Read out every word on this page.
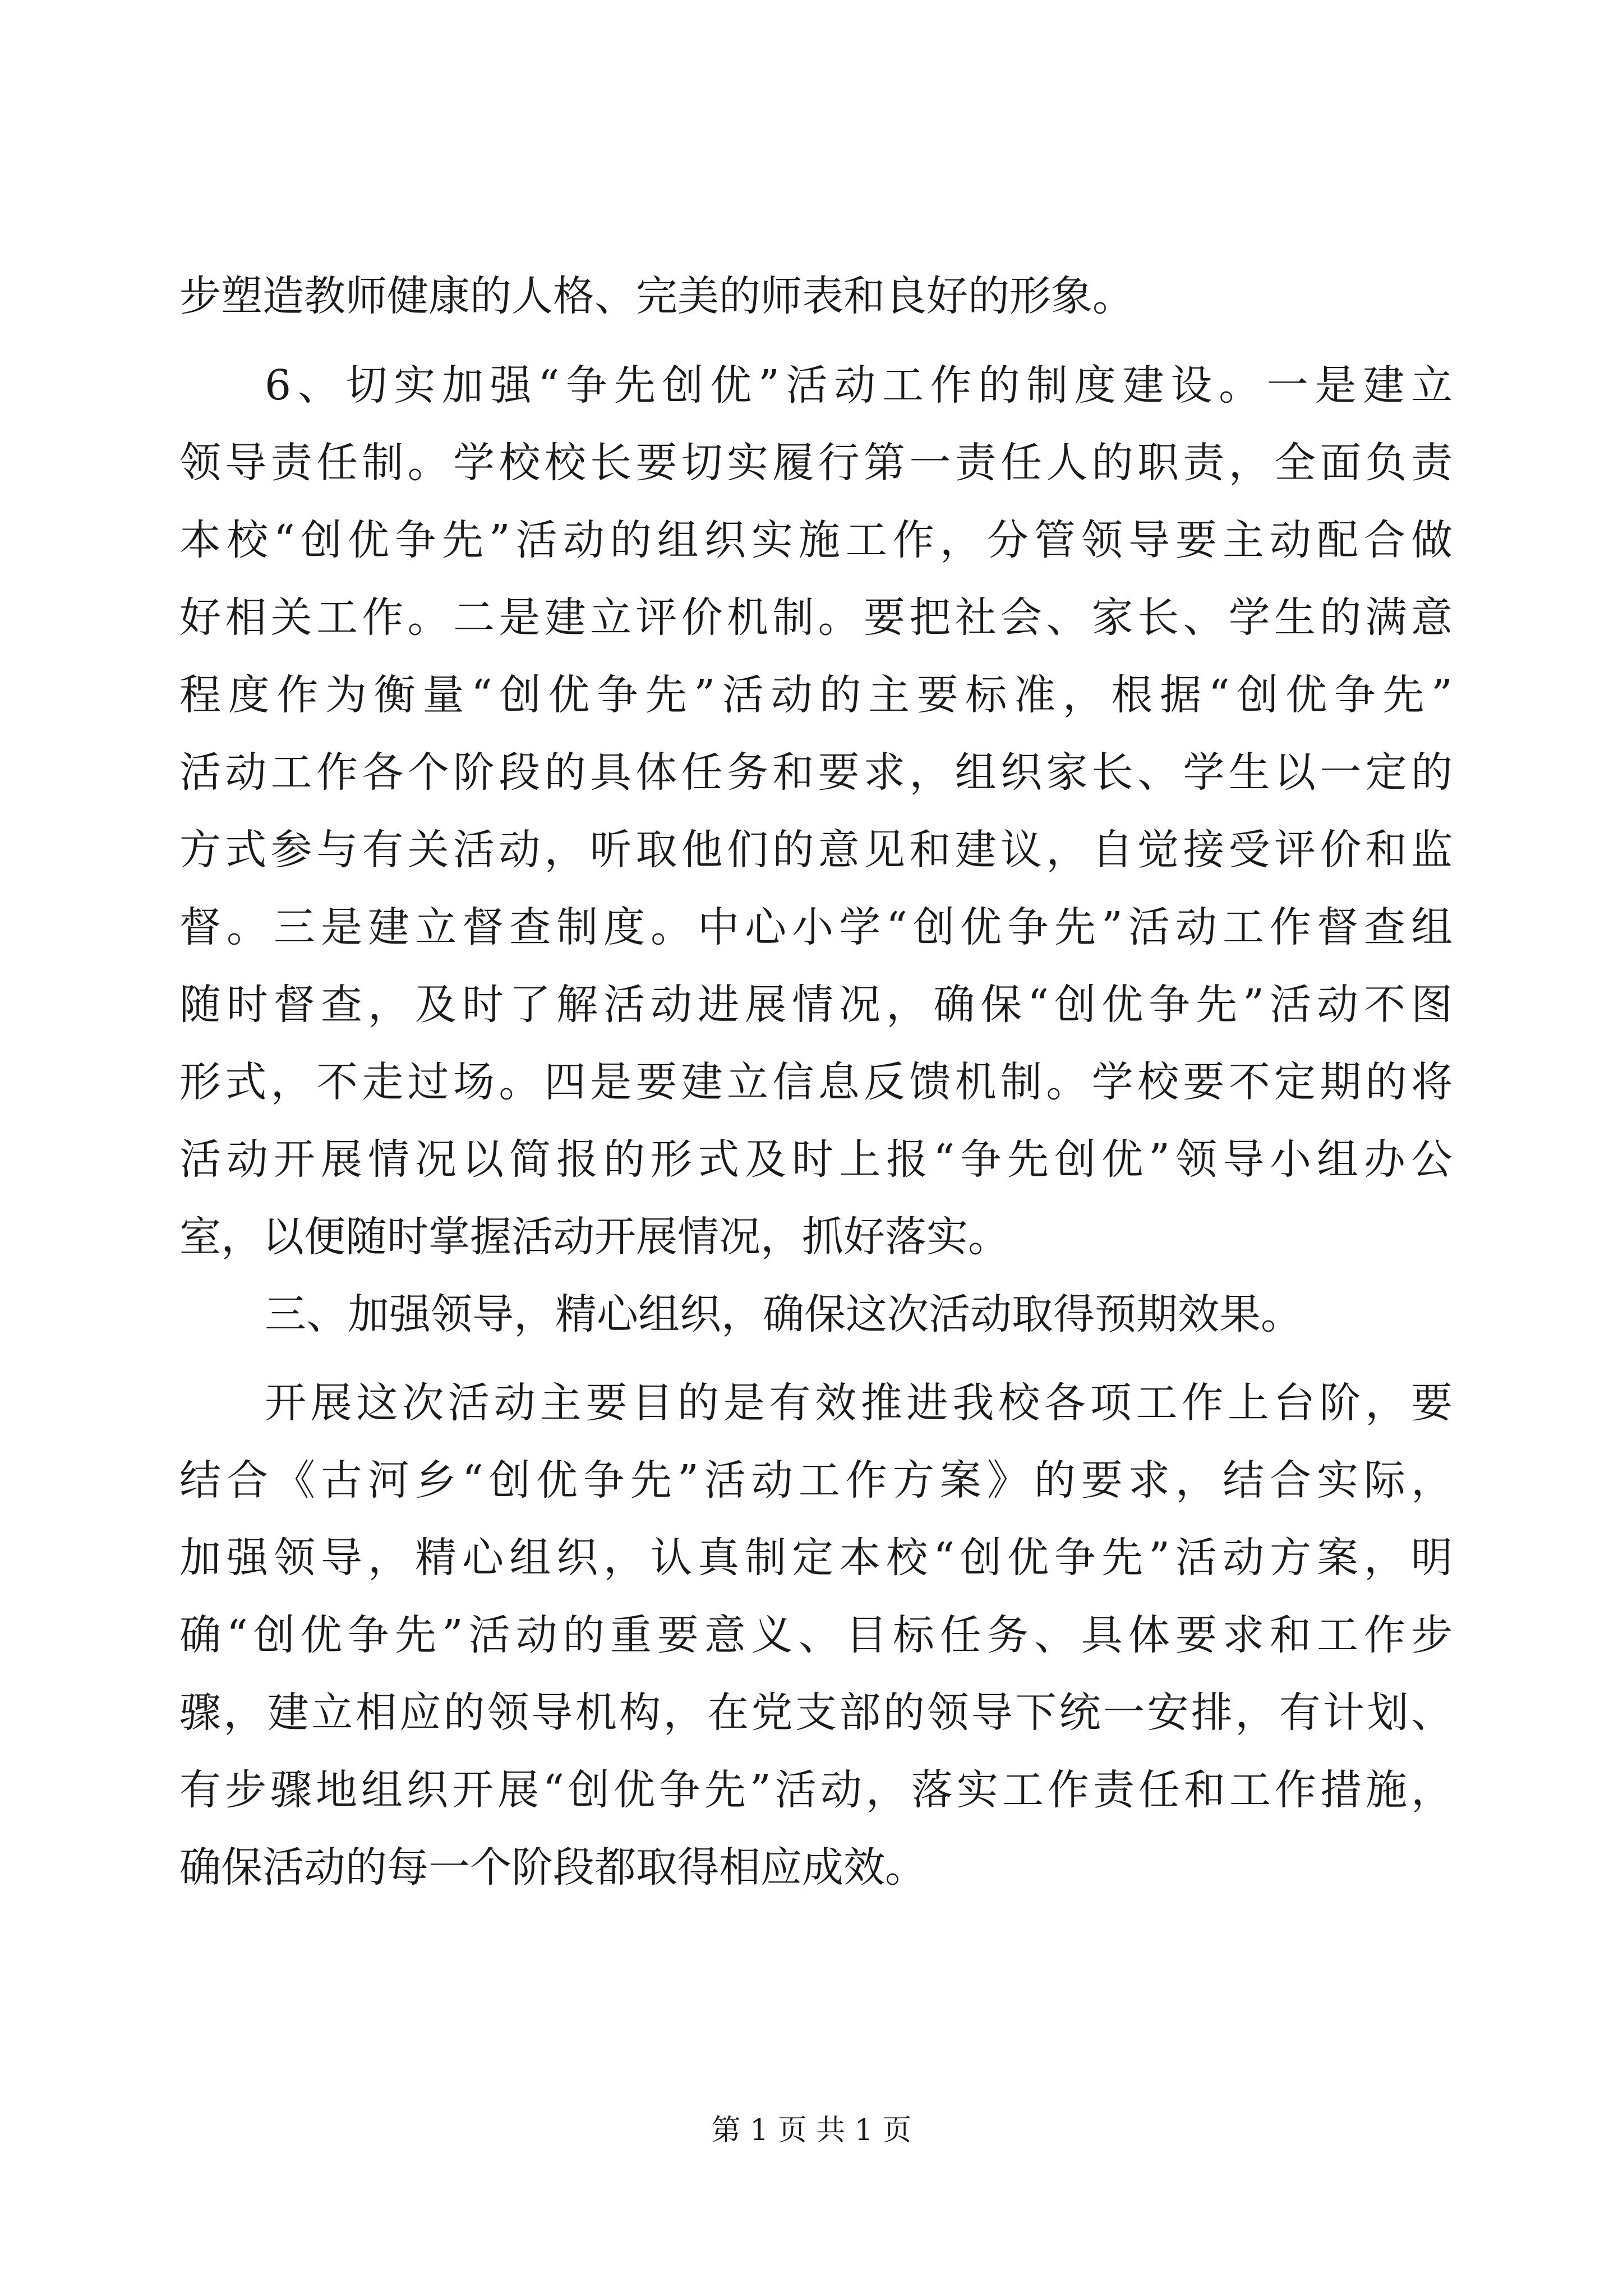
步塑造教师健康的人格、完美的师表和良好的形象。
6、切实加强“争先创优”活动工作的制度建设。一是建立
领导责任制。学校校长要切实履行第一责任人的职责，全面负责
本校“创优争先”活动的组织实施工作，分管领导要主动配合做
好相关工作。二是建立评价机制。要把社会、家长、学生的满意
程度作为衡量“创优争先”活动的主要标准，根据“创优争先”
活动工作各个阶段的具体任务和要求，组织家长、学生以一定的
方式参与有关活动，听取他们的意见和建议，自觉接受评价和监
督。三是建立督查制度。中心小学“创优争先”活动工作督查组
随时督查，及时了解活动进展情况，确保“创优争先”活动不图
形式，不走过场。四是要建立信息反馈机制。学校要不定期的将
活动开展情况以简报的形式及时上报“争先创优”领导小组办公
室，以便随时掌握活动开展情况，抓好落实。
三、加强领导，精心组织，确保这次活动取得预期效果。
开展这次活动主要目的是有效推进我校各项工作上台阶，要
结合《古河乡“创优争先”活动工作方案》的要求，结合实际，
加强领导，精心组织，认真制定本校“创优争先”活动方案，明
确“创优争先”活动的重要意义、目标任务、具体要求和工作步
骤，建立相应的领导机构，在党支部的领导下统一安排，有计划、
有步骤地组织开展“创优争先”活动，落实工作责任和工作措施，
确保活动的每一个阶段都取得相应成效。
第 1 页 共 1 页
